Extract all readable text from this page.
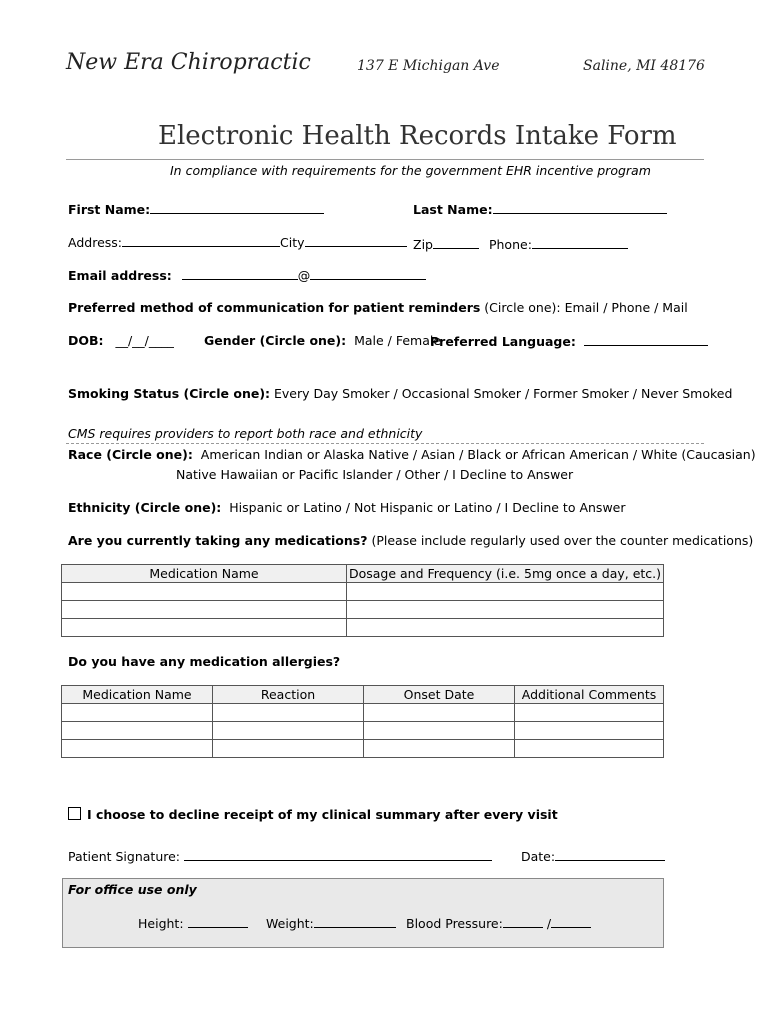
New Era Chiropractic	137 E Michigan Ave	Saline, MI 48176
Electronic Health Records Intake Form
In compliance with requirements for the government EHR incentive program
First Name:	Last Name:
Address:	City	Zip	Phone:
Email address:	@
Preferred method of communication for patient reminders (Circle one): Email / Phone / Mail
DOB: __/__/____ Gender (Circle one): Male / Female
Preferred Language:
Smoking Status (Circle one): Every Day Smoker / Occasional Smoker / Former Smoker / Never Smoked
CMS requires providers to report both race and ethnicity
Race (Circle one): American Indian or Alaska Native / Asian / Black or African American / White (Caucasian)
Native Hawaiian or Pacific Islander / Other / I Decline to Answer
Ethnicity (Circle one): Hispanic or Latino / Not Hispanic or Latino / I Decline to Answer
Are you currently taking any medications? (Please include regularly used over the counter medications)
Medication Name	Dosage and Frequency (i.e. 5mg once a day, etc.)

Do you have any medication allergies?
Medication Name	Reaction	Onset Date	Additional Comments

I choose to decline receipt of my clinical summary after every visit
Patient Signature:	Date:
For office use only
Height:	Weight:	Blood Pressure:	/
